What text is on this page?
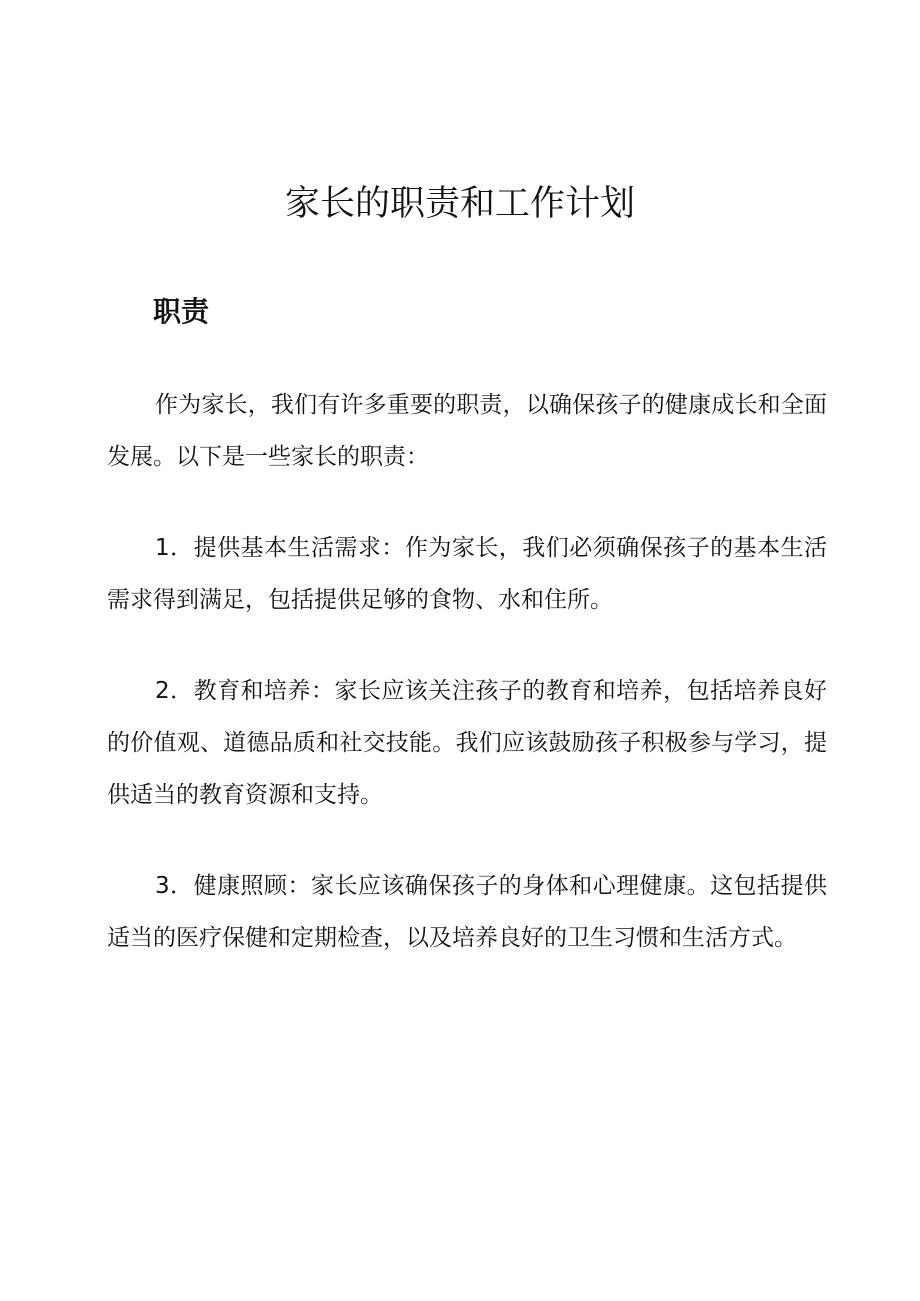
家长的职责和工作计划
职责

作为家长，我们有许多重要的职责，以确保孩子的健康成长和全面发展。以下是一些家长的职责：

1．提供基本生活需求：作为家长，我们必须确保孩子的基本生活需求得到满足，包括提供足够的食物、水和住所。

2．教育和培养：家长应该关注孩子的教育和培养，包括培养良好的价值观、道德品质和社交技能。我们应该鼓励孩子积极参与学习，提供适当的教育资源和支持。

3．健康照顾：家长应该确保孩子的身体和心理健康。这包括提供适当的医疗保健和定期检查，以及培养良好的卫生习惯和生活方式。
